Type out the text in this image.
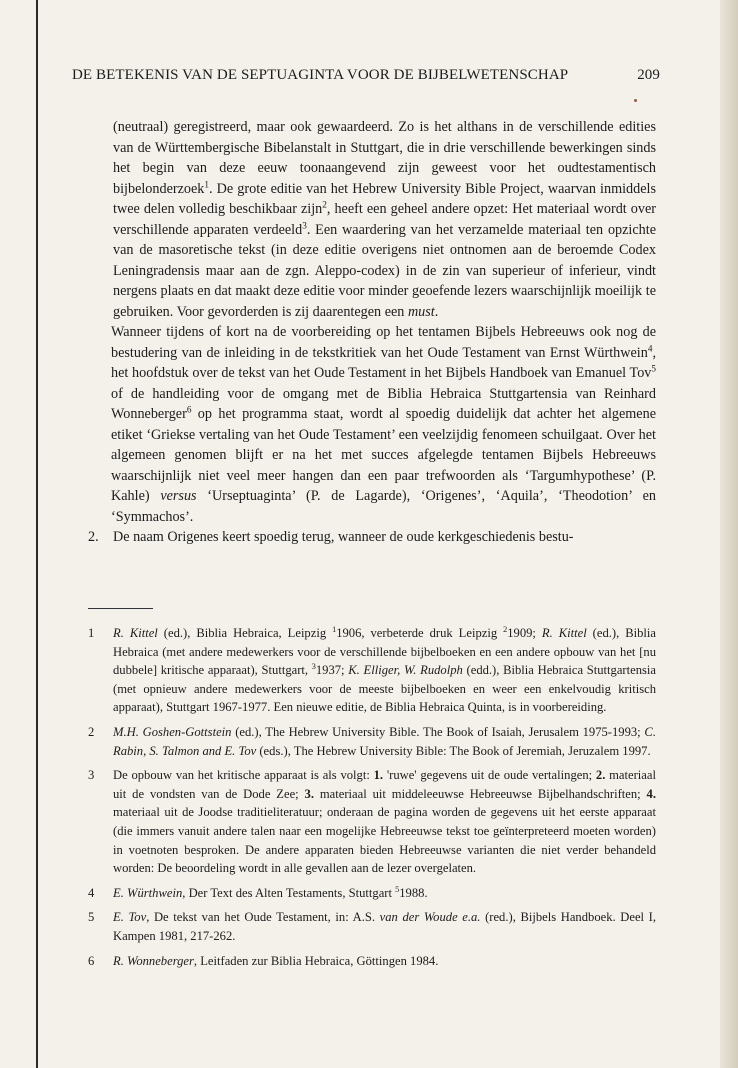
DE BETEKENIS VAN DE SEPTUAGINTA VOOR DE BIJBELWETENSCHAP	209

(neutraal) geregistreerd, maar ook gewaardeerd. Zo is het althans in de verschillende edities van de Württembergische Bibelanstalt in Stuttgart, die in drie verschillende bewerkingen sinds het begin van deze eeuw toonaangevend zijn geweest voor het oudtestamentisch bijbelonderzoek$^1$. De grote editie van het Hebrew University Bible Project, waarvan inmiddels twee delen volledig beschikbaar zijn$^2$, heeft een geheel andere opzet: Het materiaal wordt over verschillende apparaten verdeeld$^3$. Een waardering van het verzamelde materiaal ten opzichte van de masoretische tekst (in deze editie overigens niet ontnomen aan de beroemde Codex Leningradensis maar aan de zgn. Aleppo-codex) in de zin van superieur of inferieur, vindt nergens plaats en dat maakt deze editie voor minder geoefende lezers waarschijnlijk moeilijk te gebruiken. Voor gevorderden is zij daarentegen een must.

Wanneer tijdens of kort na de voorbereiding op het tentamen Bijbels Hebreeuws ook nog de bestudering van de inleiding in de tekstkritiek van het Oude Testament van Ernst Würthwein$^4$, het hoofdstuk over de tekst van het Oude Testament in het Bijbels Handboek van Emanuel Tov$^5$ of de handleiding voor de omgang met de Biblia Hebraica Stuttgartensia van Reinhard Wonneberger$^6$ op het programma staat, wordt al spoedig duidelijk dat achter het algemene etiket ‘Griekse vertaling van het Oude Testament’ een veelzijdig fenomeen schuilgaat. Over het algemeen genomen blijft er na het met succes afgelegde tentamen Bijbels Hebreeuws waarschijnlijk niet veel meer hangen dan een paar trefwoorden als ‘Targumhypothese’ (P. Kahle) versus ‘Urseptuaginta’ (P. de Lagarde), ‘Origenes’, ‘Aquila’, ‘Theodotion’ en ‘Symmachos’.

2. De naam Origenes keert spoedig terug, wanneer de oude kerkgeschiedenis bestu-

1	R. Kittel (ed.), Biblia Hebraica, Leipzig $^1$1906, verbeterde druk Leipzig $^2$1909; R. Kittel (ed.), Biblia Hebraica (met andere medewerkers voor de verschillende bijbelboeken en een andere opbouw van het [nu dubbele] kritische apparaat), Stuttgart, $^3$1937; K. Elliger, W. Rudolph (edd.), Biblia Hebraica Stuttgartensia (met opnieuw andere medewerkers voor de meeste bijbelboeken en weer een enkelvoudig kritisch apparaat), Stuttgart 1967-1977. Een nieuwe editie, de Biblia Hebraica Quinta, is in voorbereiding.
2	M.H. Goshen-Gottstein (ed.), The Hebrew University Bible. The Book of Isaiah, Jerusalem 1975-1993; C. Rabin, S. Talmon and E. Tov (eds.), The Hebrew University Bible: The Book of Jeremiah, Jeruzalem 1997.
3	De opbouw van het kritische apparaat is als volgt: 1. 'ruwe' gegevens uit de oude vertalingen; 2. materiaal uit de vondsten van de Dode Zee; 3. materiaal uit middeleeuwse Hebreeuwse Bijbelhandschriften; 4. materiaal uit de Joodse traditieliteratuur; onderaan de pagina worden de gegevens uit het eerste apparaat (die immers vanuit andere talen naar een mogelijke Hebreeuwse tekst toe geïnterpreteerd moeten worden) in voetnoten besproken. De andere apparaten bieden Hebreeuwse varianten die niet verder behandeld worden: De beoordeling wordt in alle gevallen aan de lezer overgelaten.
4	E. Würthwein, Der Text des Alten Testaments, Stuttgart $^5$1988.
5	E. Tov, De tekst van het Oude Testament, in: A.S. van der Woude e.a. (red.), Bijbels Handboek. Deel I, Kampen 1981, 217-262.
6	R. Wonneberger, Leitfaden zur Biblia Hebraica, Göttingen 1984.
